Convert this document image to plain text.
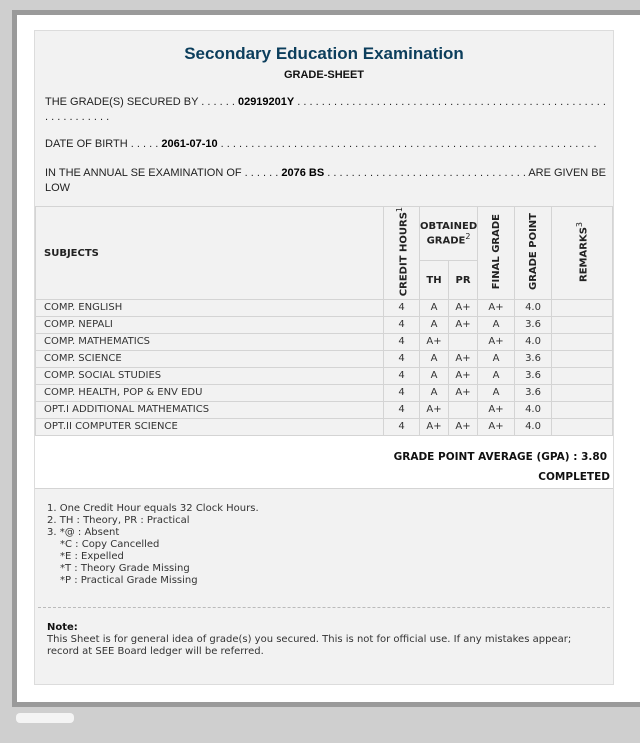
Secondary Education Examination
GRADE-SHEET
THE GRADE(S) SECURED BY . . . . . . 02919201Y . . . . . . . . . . . . . . . . . . . . . . . . . . . . . . . . . . . . . . . . . . . . . . . . . . . . . . . . . . . . . .
DATE OF BIRTH . . . . . 2061-07-10 . . . . . . . . . . . . . . . . . . . . . . . . . . . . . . . . . . . . . . . . . . . . . . . . . . . . . . . . . . . . . .
IN THE ANNUAL SE EXAMINATION OF . . . . . . 2076 BS . . . . . . . . . . . . . . . . . . . . . . . . . . . . . . . . . ARE GIVEN BELOW
SUBJECTS	CREDIT HOURS$^1$	OBTAINED GRADE$^2$		FINAL GRADE	GRADE POINT	REMARKS$^3$
		TH	PR			
COMP. ENGLISH	4	A	A+	A+	4.0	
COMP. NEPALI	4	A	A+	A	3.6	
COMP. MATHEMATICS	4	A+		A+	4.0	
COMP. SCIENCE	4	A	A+	A	3.6	
COMP. SOCIAL STUDIES	4	A	A+	A	3.6	
COMP. HEALTH, POP & ENV EDU	4	A	A+	A	3.6	
OPT.I ADDITIONAL MATHEMATICS	4	A+		A+	4.0	
OPT.II COMPUTER SCIENCE	4	A+	A+	A+	4.0	
GRADE POINT AVERAGE (GPA) : 3.80
COMPLETED
1. One Credit Hour equals 32 Clock Hours.
2. TH : Theory, PR : Practical
3. *@ : Absent
*C : Copy Cancelled
*E : Expelled
*T : Theory Grade Missing
*P : Practical Grade Missing
Note:
This Sheet is for general idea of grade(s) you secured. This is not for official use. If any mistakes appear; record at SEE Board ledger will be referred.
